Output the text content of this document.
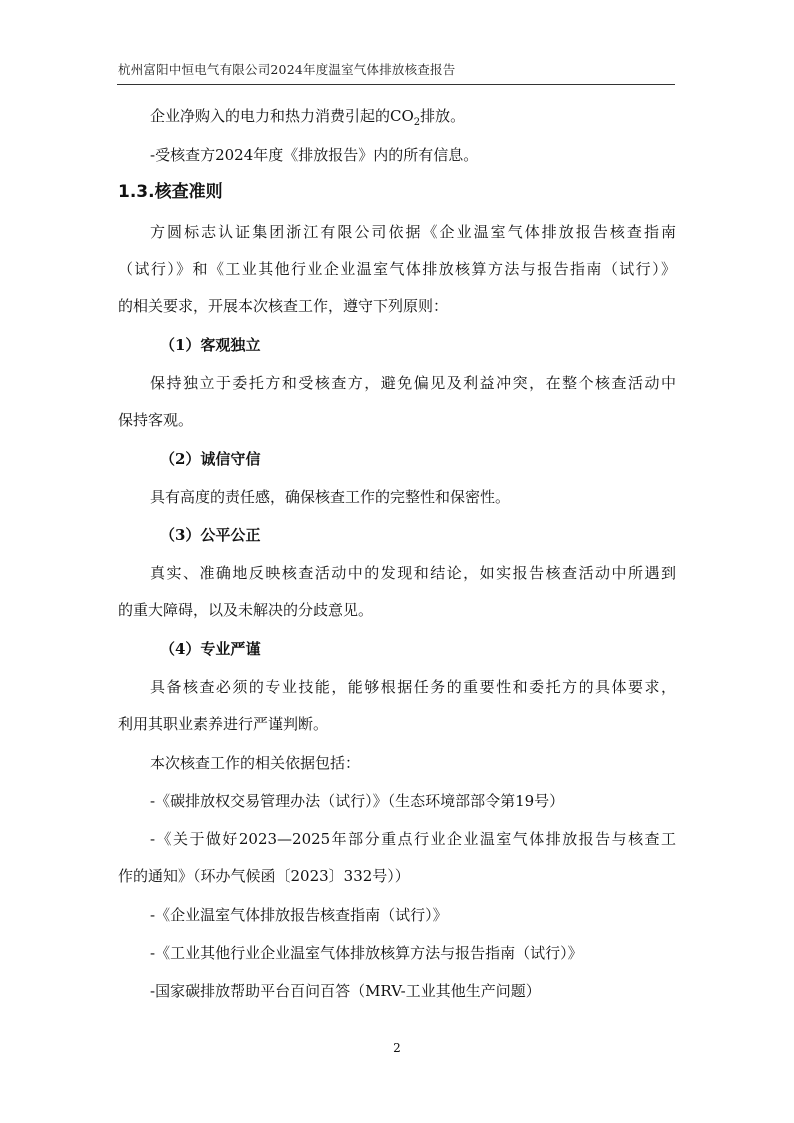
杭州富阳中恒电气有限公司2024年度温室气体排放核查报告
企业净购入的电力和热力消费引起的$CO_2$排放。
-受核查方2024年度《排放报告》内的所有信息。
1.3.核查准则
方圆标志认证集团浙江有限公司依据《企业温室气体排放报告核查指南
（试行）》和《工业其他行业企业温室气体排放核算方法与报告指南（试行）》
的相关要求，开展本次核查工作，遵守下列原则：
（1）客观独立
保持独立于委托方和受核查方，避免偏见及利益冲突，在整个核查活动中
保持客观。
（2）诚信守信
具有高度的责任感，确保核查工作的完整性和保密性。
（3）公平公正
真实、准确地反映核查活动中的发现和结论，如实报告核查活动中所遇到
的重大障碍，以及未解决的分歧意见。
（4）专业严谨
具备核查必须的专业技能，能够根据任务的重要性和委托方的具体要求，
利用其职业素养进行严谨判断。
本次核查工作的相关依据包括：
-《碳排放权交易管理办法（试行）》（生态环境部部令第19号）
-《关于做好2023—2025年部分重点行业企业温室气体排放报告与核查工
作的通知》（环办气候函〔2023〕332号））
-《企业温室气体排放报告核查指南（试行）》
-《工业其他行业企业温室气体排放核算方法与报告指南（试行）》
-国家碳排放帮助平台百问百答（MRV-工业其他生产问题）
2
